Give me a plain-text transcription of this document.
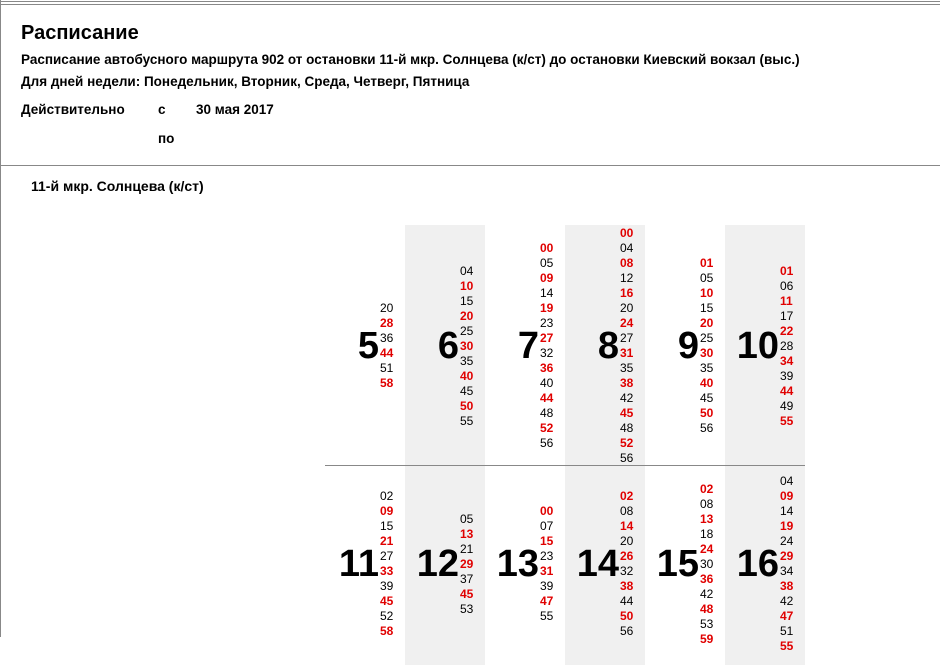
Расписание
Расписание автобусного маршрута 902 от остановки 11-й мкр. Солнцева (к/ст) до остановки Киевский вокзал (выс.)
Для дней недели: Понедельник, Вторник, Среда, Четверг, Пятница
Действительно с 30 мая 2017
по
11-й мкр. Солнцева (к/ст)
5
20
28
36
44
51
58
6
04
10
15
20
25
30
35
40
45
50
55
7
00
05
09
14
19
23
27
32
36
40
44
48
52
56
8
00
04
08
12
16
20
24
27
31
35
38
42
45
48
52
56
9
01
05
10
15
20
25
30
35
40
45
50
56
10
01
06
11
17
22
28
34
39
44
49
55
11
02
09
15
21
27
33
39
45
52
58
12
05
13
21
29
37
45
53
13
00
07
15
23
31
39
47
55
14
02
08
14
20
26
32
38
44
50
56
15
02
08
13
18
24
30
36
42
48
53
59
16
04
09
14
19
24
29
34
38
42
47
51
55
